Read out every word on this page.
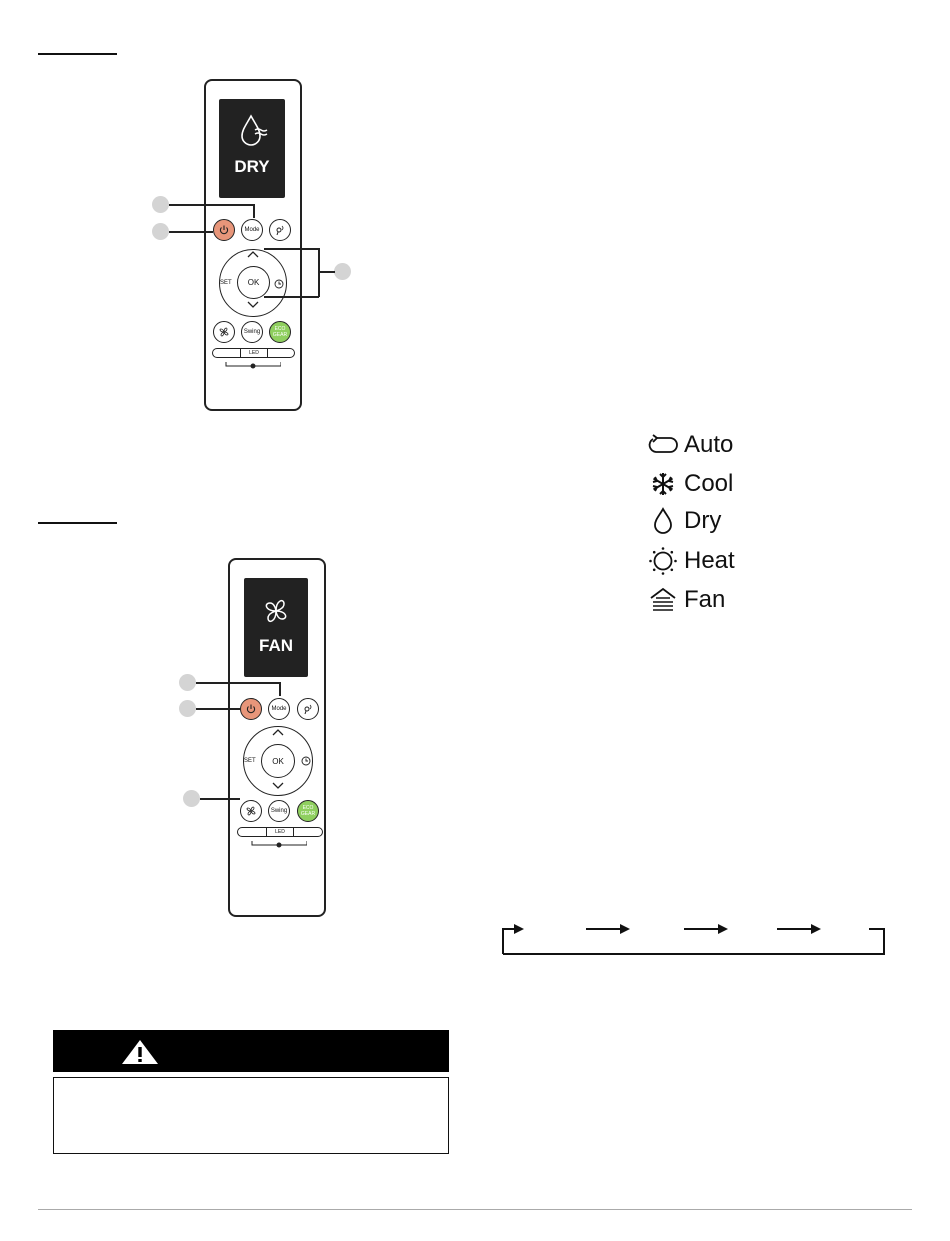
DRY
Mode
OK
SET
Swing	ECO GEAR
LED
FAN
Mode
OK
SET
Swing	ECO GEAR
LED
Auto
Cool
Dry
Heat
Fan
